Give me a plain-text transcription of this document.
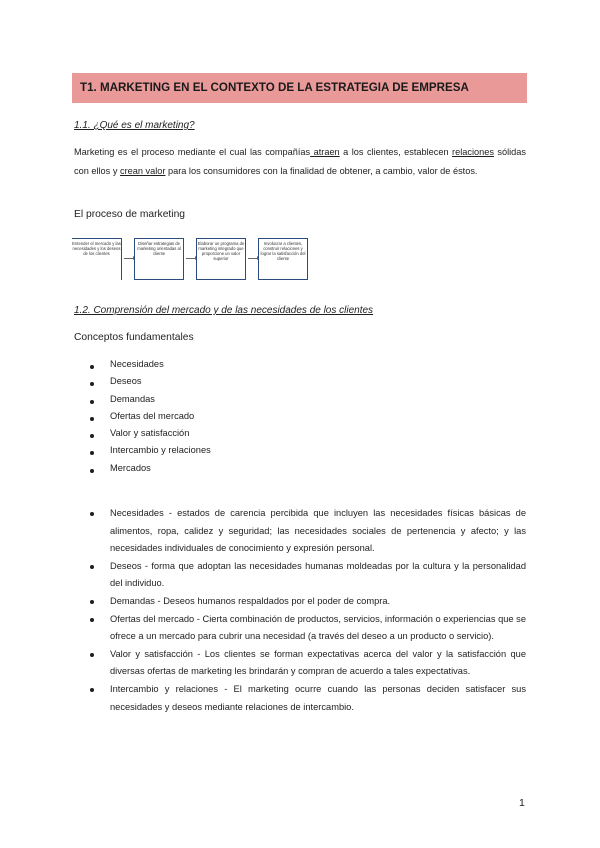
T1. MARKETING EN EL CONTEXTO DE LA ESTRATEGIA DE EMPRESA
1.1. ¿Qué es el marketing?
Marketing es el proceso mediante el cual las compañías atraen a los clientes, establecen relaciones sólidas con ellos y crean valor para los consumidores con la finalidad de obtener, a cambio, valor de éstos.
El proceso de marketing
Entender el mercado y las necesidades y los deseos de los clientes
Diseñar estrategias de marketing orientadas al cliente
Elaborar un programa de marketing integrado que proporcione un valor superior
Involucrar a clientes, construir relaciones y lograr la satisfacción del cliente
1.2. Comprensión del mercado y de las necesidades de los clientes
Conceptos fundamentales
Necesidades
Deseos
Demandas
Ofertas del mercado
Valor y satisfacción
Intercambio y relaciones
Mercados
Necesidades - estados de carencia percibida que incluyen las necesidades físicas básicas de alimentos, ropa, calidez y seguridad; las necesidades sociales de pertenencia y afecto; y las necesidades individuales de conocimiento y expresión personal.
Deseos - forma que adoptan las necesidades humanas moldeadas por la cultura y la personalidad del individuo.
Demandas - Deseos humanos respaldados por el poder de compra.
Ofertas del mercado - Cierta combinación de productos, servicios, información o experiencias que se ofrece a un mercado para cubrir una necesidad (a través del deseo a un producto o servicio).
Valor y satisfacción - Los clientes se forman expectativas acerca del valor y la satisfacción que diversas ofertas de marketing les brindarán y compran de acuerdo a tales expectativas.
Intercambio y relaciones - El marketing ocurre cuando las personas deciden satisfacer sus necesidades y deseos mediante relaciones de intercambio.
1
